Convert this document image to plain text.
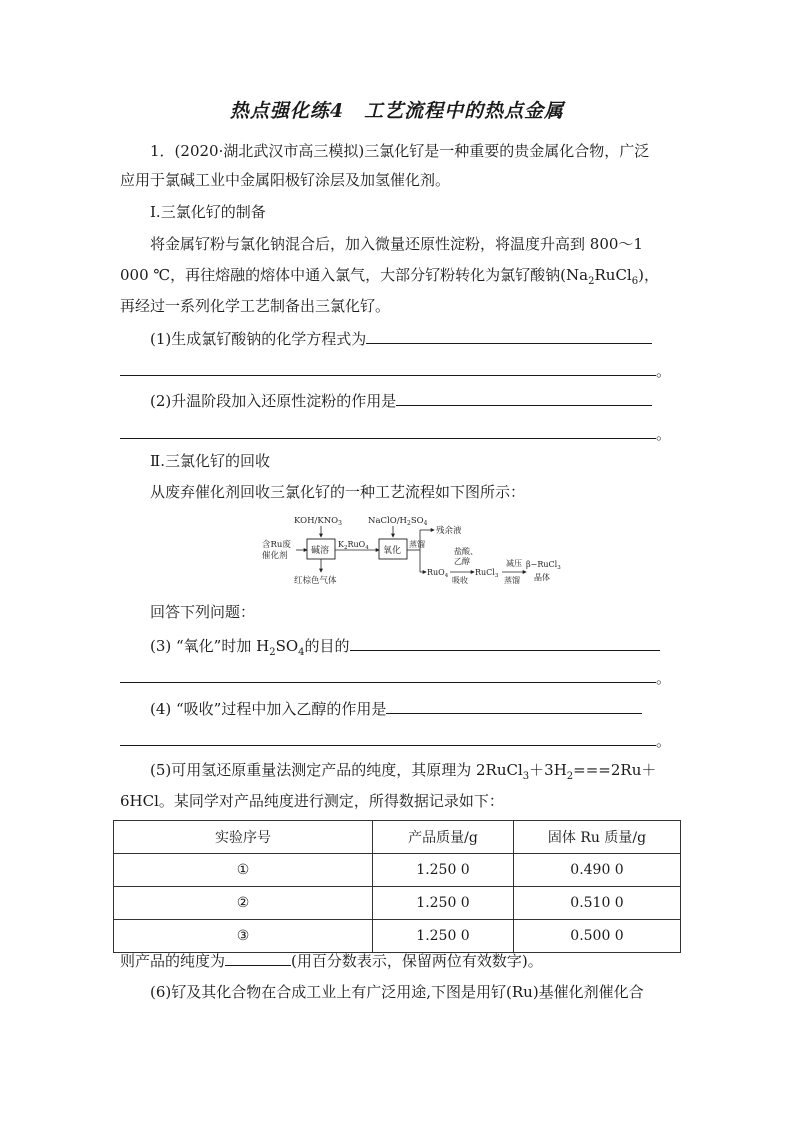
热点强化练4　工艺流程中的热点金属
1．(2020·湖北武汉市高三模拟)三氯化钌是一种重要的贵金属化合物，广泛
应用于氯碱工业中金属阳极钌涂层及加氢催化剂。
Ⅰ.三氯化钌的制备
将金属钌粉与氯化钠混合后，加入微量还原性淀粉，将温度升高到 800～1
000 ℃，再往熔融的熔体中通入氯气，大部分钌粉转化为氯钌酸钠$(Na_2RuCl_6)$，
再经过一系列化学工艺制备出三氯化钌。
(1)生成氯钌酸钠的化学方程式为
。
(2)升温阶段加入还原性淀粉的作用是
。
Ⅱ.三氯化钌的回收
从废弃催化剂回收三氯化钌的一种工艺流程如下图所示：
KOH/$KNO_3$	NaClO/$H_2SO_4$
含Ru废
催化剂	碱溶
红棕色气体
$K_2RuO_4$ 氧化
蒸馏
残余液
RuO$_4$
盐酸、
乙醇
吸收
RuCl$_3$
减压
蒸馏
β−RuCl$_3$
晶体
回答下列问题：
(3) “氧化”时加 $H_2SO_4$的目的
。
(4) “吸收”过程中加入乙醇的作用是
。
(5)可用氢还原重量法测定产品的纯度，其原理为 $2RuCl_3+3H_2===2Ru+$
6HCl。某同学对产品纯度进行测定，所得数据记录如下：
实验序号	产品质量/g	固体 Ru 质量/g
①	1.250 0	0.490 0
②	1.250 0	0.510 0
③	1.250 0	0.500 0
则产品的纯度为	(用百分数表示，保留两位有效数字)。
(6)钌及其化合物在合成工业上有广泛用途,下图是用钌(Ru)基催化剂催化合
